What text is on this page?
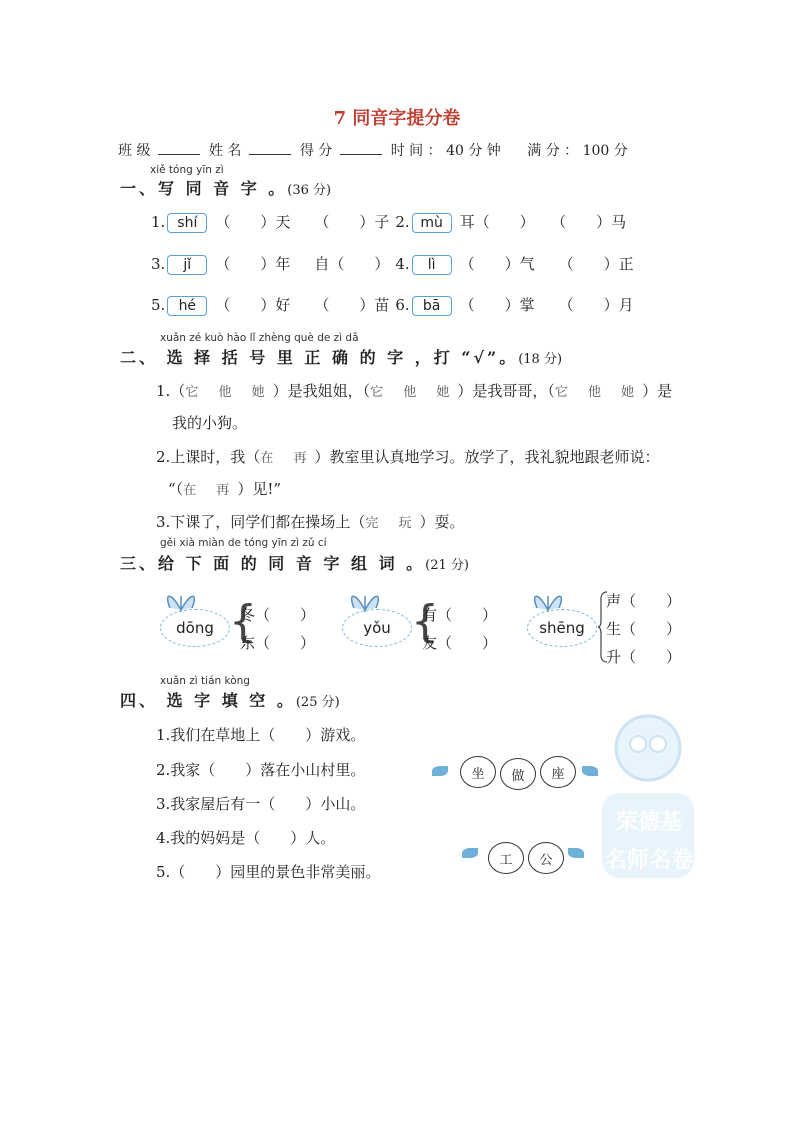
7 同音字提分卷
班 级	姓 名	得 分	时 间 ： 40 分 钟 满 分 ： 100 分
xiě tóng yīn zì
一、写 同 音 字 。(36 分)
1. shí （　　）天 （　　）子 2. mù 耳（　　） （　　）马
3. jǐ （　　）年 自（　　） 4. lì （　　）气 （　　）正
5. hé （　　）好 （　　）苗 6. bā （　　）掌 （　　）月
xuǎn zé kuò hào lǐ zhèng què de zì dǎ
二、 选 择 括 号 里 正 确 的 字 ，打 “√”。(18 分)
1.（它 他 她）是我姐姐，（它 他 她）是我哥哥，（它 他 她）是
我的小狗。
2.上课时，我（在 再）教室里认真地学习。放学了，我礼貌地跟老师说：
“（在 再）见!”
3.下课了，同学们都在操场上（完 玩）耍。
gěi xià miàn de tóng yīn zì zǔ cí
三、给 下 面 的 同 音 字 组 词 。(21 分)
dōng {
冬（　　）
东（　　）
yǒu {
有（　　）
友（　　）
shēng
声（　　）
生（　　）
升（　　）
xuǎn zì tián kòng
四、 选 字 填 空 。(25 分)
1.我们在草地上（　　）游戏。
2.我家（　　）落在小山村里。
3.我家屋后有一（　　）小山。
4.我的妈妈是（　　）人。
5.（　　）园里的景色非常美丽。
荣德基 名师名卷
坐	做	座
工	公
